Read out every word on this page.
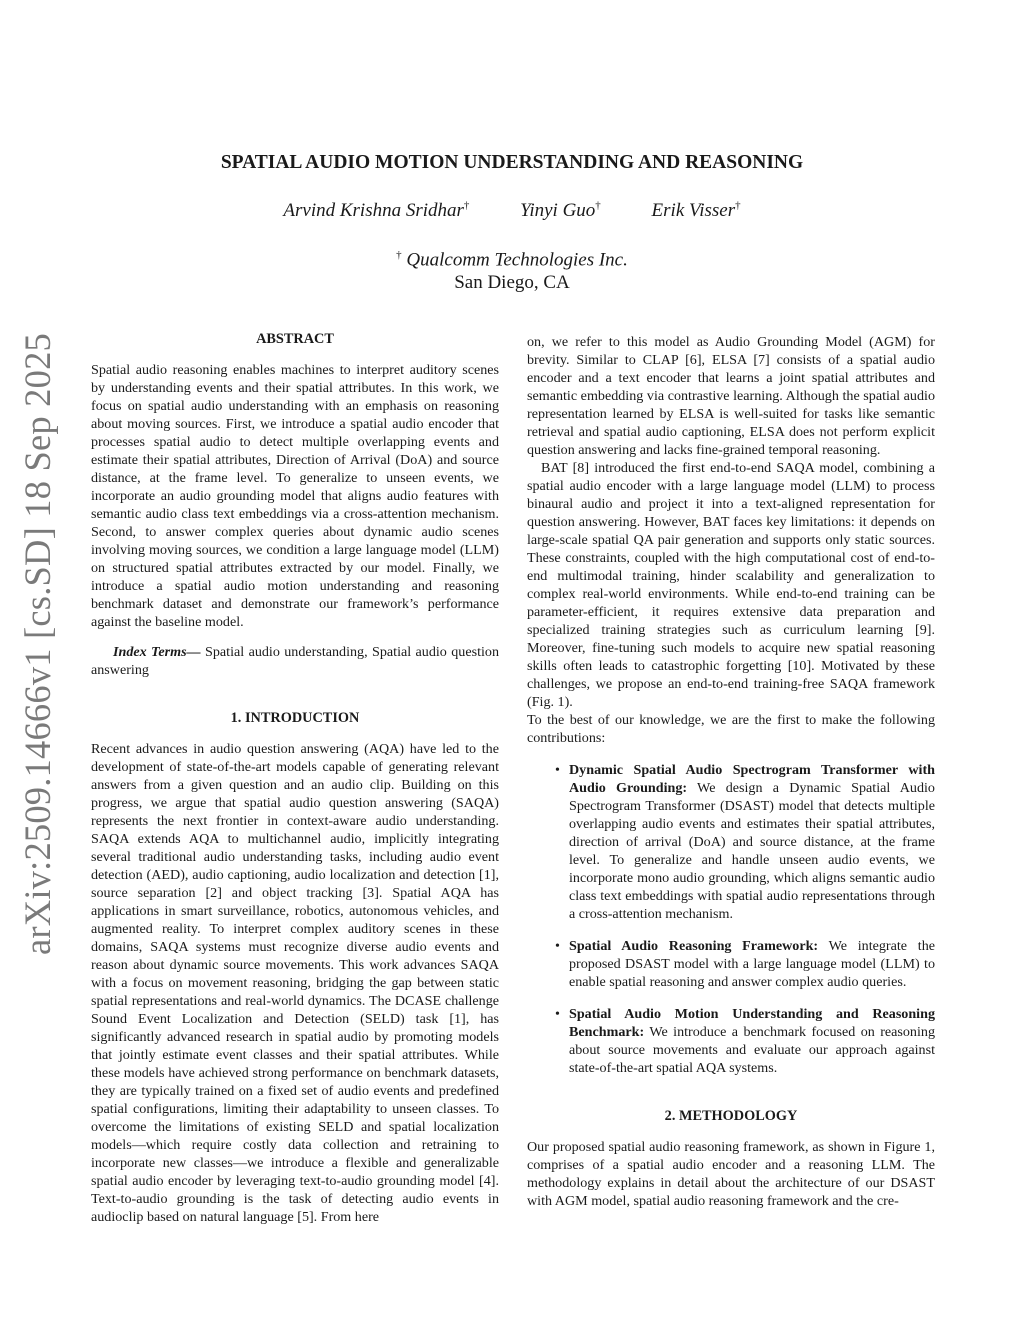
arXiv:2509.14666v1 [cs.SD] 18 Sep 2025
SPATIAL AUDIO MOTION UNDERSTANDING AND REASONING
Arvind Krishna Sridhar†	Yinyi Guo†	Erik Visser†
† Qualcomm Technologies Inc.
San Diego, CA
ABSTRACT

Spatial audio reasoning enables machines to interpret auditory scenes by understanding events and their spatial attributes. In this work, we focus on spatial audio understanding with an emphasis on reasoning about moving sources. First, we introduce a spatial audio encoder that processes spatial audio to detect multiple overlapping events and estimate their spatial attributes, Direction of Arrival (DoA) and source distance, at the frame level. To generalize to unseen events, we incorporate an audio grounding model that aligns audio features with semantic audio class text embeddings via a cross-attention mechanism. Second, to answer complex queries about dynamic audio scenes involving moving sources, we condition a large language model (LLM) on structured spatial attributes extracted by our model. Finally, we introduce a spatial audio motion understanding and reasoning benchmark dataset and demonstrate our framework’s performance against the baseline model.

Index Terms— Spatial audio understanding, Spatial audio question answering

1. INTRODUCTION

Recent advances in audio question answering (AQA) have led to the development of state-of-the-art models capable of generating relevant answers from a given question and an audio clip. Building on this progress, we argue that spatial audio question answering (SAQA) represents the next frontier in context-aware audio understanding. SAQA extends AQA to multichannel audio, implicitly integrating several traditional audio understanding tasks, including audio event detection (AED), audio captioning, audio localization and detection [1], source separation [2] and object tracking [3]. Spatial AQA has applications in smart surveillance, robotics, autonomous vehicles, and augmented reality. To interpret complex auditory scenes in these domains, SAQA systems must recognize diverse audio events and reason about dynamic source movements. This work advances SAQA with a focus on movement reasoning, bridging the gap between static spatial representations and real-world dynamics. The DCASE challenge Sound Event Localization and Detection (SELD) task [1], has significantly advanced research in spatial audio by promoting models that jointly estimate event classes and their spatial attributes. While these models have achieved strong performance on benchmark datasets, they are typically trained on a fixed set of audio events and predefined spatial configurations, limiting their adaptability to unseen classes. To overcome the limitations of existing SELD and spatial localization models—which require costly data collection and retraining to incorporate new classes—we introduce a flexible and generalizable spatial audio encoder by leveraging text-to-audio grounding model [4]. Text-to-audio grounding is the task of detecting audio events in audioclip based on natural language [5]. From here

on, we refer to this model as Audio Grounding Model (AGM) for brevity. Similar to CLAP [6], ELSA [7] consists of a spatial audio encoder and a text encoder that learns a joint spatial attributes and semantic embedding via contrastive learning. Although the spatial audio representation learned by ELSA is well-suited for tasks like semantic retrieval and spatial audio captioning, ELSA does not perform explicit question answering and lacks fine-grained temporal reasoning.

BAT [8] introduced the first end-to-end SAQA model, combining a spatial audio encoder with a large language model (LLM) to process binaural audio and project it into a text-aligned representation for question answering. However, BAT faces key limitations: it depends on large-scale spatial QA pair generation and supports only static sources. These constraints, coupled with the high computational cost of end-to-end multimodal training, hinder scalability and generalization to complex real-world environments. While end-to-end training can be parameter-efficient, it requires extensive data preparation and specialized training strategies such as curriculum learning [9]. Moreover, fine-tuning such models to acquire new spatial reasoning skills often leads to catastrophic forgetting [10]. Motivated by these challenges, we propose an end-to-end training-free SAQA framework (Fig. 1).

To the best of our knowledge, we are the first to make the following contributions:

• Dynamic Spatial Audio Spectrogram Transformer with Audio Grounding: We design a Dynamic Spatial Audio Spectrogram Transformer (DSAST) model that detects multiple overlapping audio events and estimates their spatial attributes, direction of arrival (DoA) and source distance, at the frame level. To generalize and handle unseen audio events, we incorporate mono audio grounding, which aligns semantic audio class text embeddings with spatial audio representations through a cross-attention mechanism.
• Spatial Audio Reasoning Framework: We integrate the proposed DSAST model with a large language model (LLM) to enable spatial reasoning and answer complex audio queries.
• Spatial Audio Motion Understanding and Reasoning Benchmark: We introduce a benchmark focused on reasoning about source movements and evaluate our approach against state-of-the-art spatial AQA systems.
2. METHODOLOGY

Our proposed spatial audio reasoning framework, as shown in Figure 1, comprises of a spatial audio encoder and a reasoning LLM. The methodology explains in detail about the architecture of our DSAST with AGM model, spatial audio reasoning framework and the cre-
